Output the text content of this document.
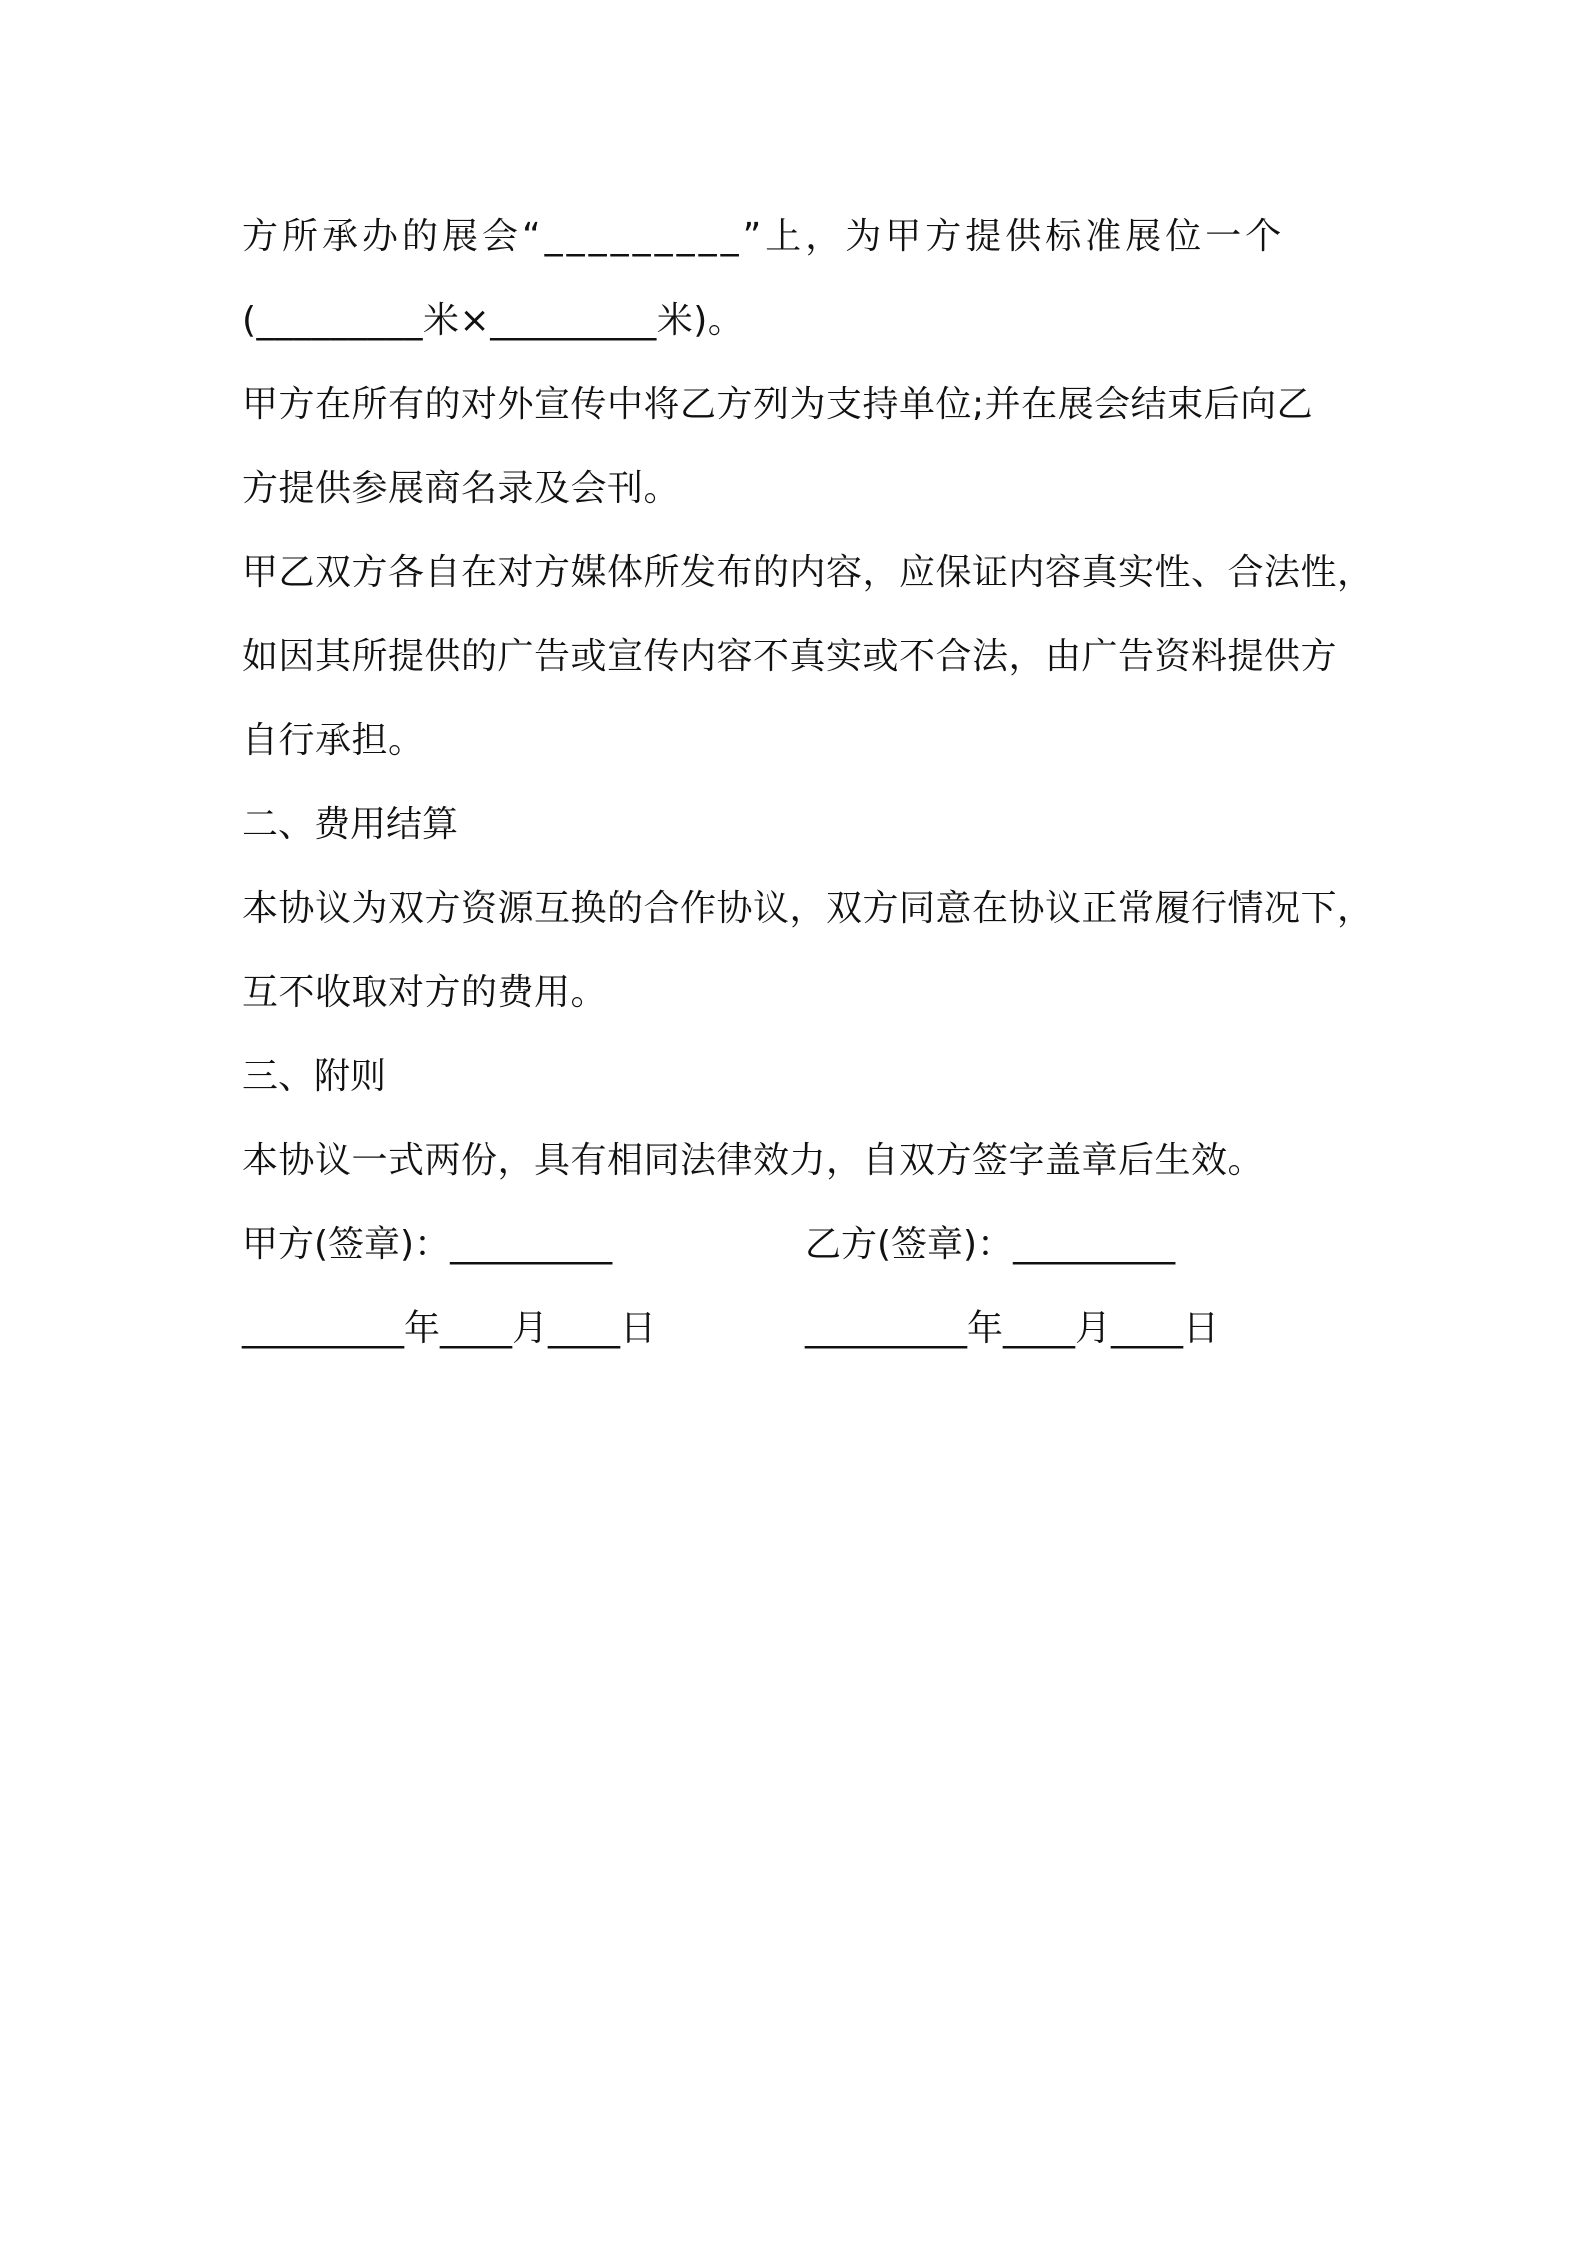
方所承办的展会“_________”上，为甲方提供标准展位一个
(_________米×_________米)。
甲方在所有的对外宣传中将乙方列为支持单位;并在展会结束后向乙
方提供参展商名录及会刊。
甲乙双方各自在对方媒体所发布的内容，应保证内容真实性、合法性，
如因其所提供的广告或宣传内容不真实或不合法，由广告资料提供方
自行承担。
二、费用结算
本协议为双方资源互换的合作协议，双方同意在协议正常履行情况下，
互不收取对方的费用。
三、附则
本协议一式两份，具有相同法律效力，自双方签字盖章后生效。
甲方(签章)：_________	乙方(签章)：_________
_________年____月____日	_________年____月____日
